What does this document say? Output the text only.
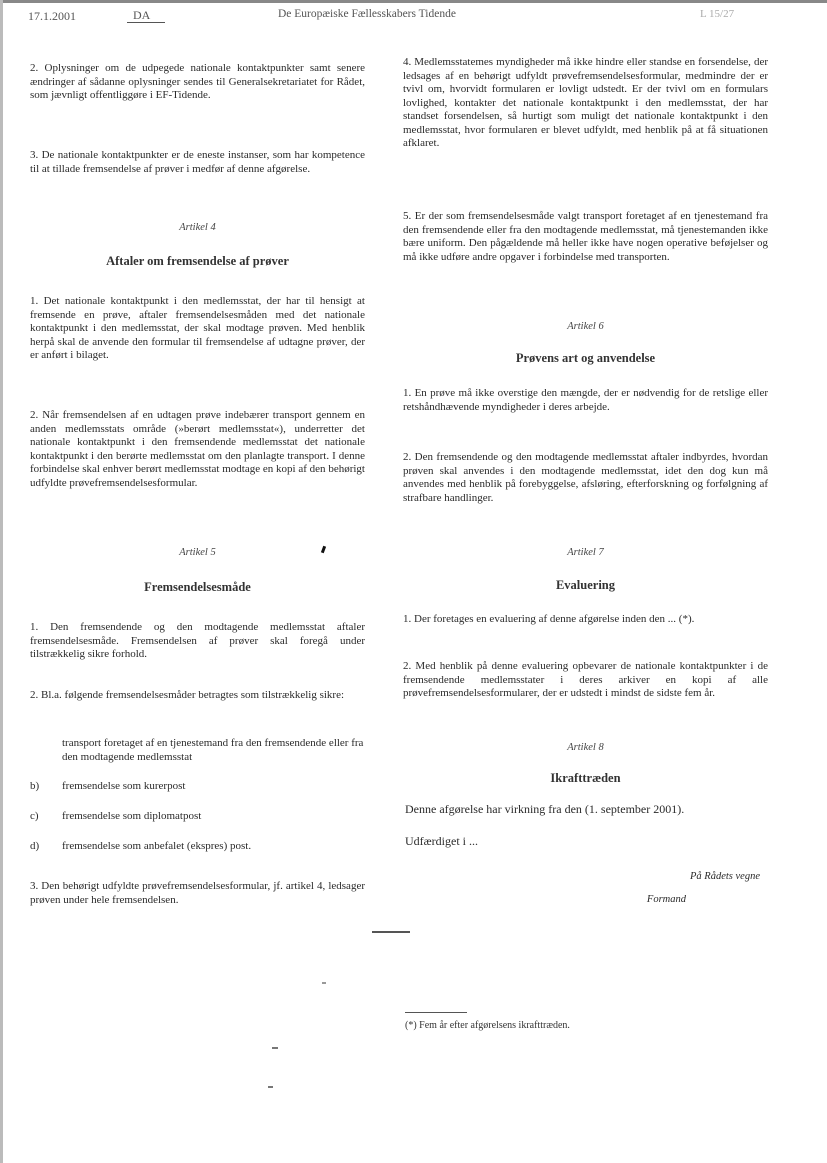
17.1.2001	DA	De Europæiske Fællesskabers Tidende	L 15/27
2. Oplysninger om de udpegede nationale kontaktpunkter samt senere ændringer af sådanne oplysninger sendes til Generalsekretariatet for Rådet, som jævnligt offentliggøre i EF-Tidende.
3. De nationale kontaktpunkter er de eneste instanser, som har kompetence til at tillade fremsendelse af prøver i medfør af denne afgørelse.
Artikel 4
Aftaler om fremsendelse af prøver
1. Det nationale kontaktpunkt i den medlemsstat, der har til hensigt at fremsende en prøve, aftaler fremsendelsesmåden med det nationale kontaktpunkt i den medlemsstat, der skal modtage prøven. Med henblik herpå skal de anvende den formular til fremsendelse af udtagne prøver, der er anført i bilaget.
2. Når fremsendelsen af en udtagen prøve indebærer transport gennem en anden medlemsstats område (»berørt medlemsstat«), underretter det nationale kontaktpunkt i den fremsendende medlemsstat det nationale kontaktpunkt i den berørte medlemsstat om den planlagte transport. I denne forbindelse skal enhver berørt medlemsstat modtage en kopi af den behørigt udfyldte prøvefremsendelsesformular.
Artikel 5
Fremsendelsesmåde
1. Den fremsendende og den modtagende medlemsstat aftaler fremsendelsesmåde. Fremsendelsen af prøver skal foregå under tilstrækkelig sikre forhold.
2. Bl.a. følgende fremsendelsesmåder betragtes som tilstrækkelig sikre:
transport foretaget af en tjenestemand fra den fremsendende eller fra den modtagende medlemsstat
b) fremsendelse som kurerpost
c) fremsendelse som diplomatpost
d) fremsendelse som anbefalet (ekspres) post.
3. Den behørigt udfyldte prøvefremsendelsesformular, jf. artikel 4, ledsager prøven under hele fremsendelsen.
4. Medlemsstatemes myndigheder må ikke hindre eller standse en forsendelse, der ledsages af en behørigt udfyldt prøvefremsendelsesformular, medmindre der er tvivl om, hvorvidt formularen er lovligt udstedt. Er der tvivl om en formulars lovlighed, kontakter det nationale kontaktpunkt i den medlemsstat, der har standset forsendelsen, så hurtigt som muligt det nationale kontaktpunkt i den medlemsstat, hvor formularen er blevet udfyldt, med henblik på at få situationen afklaret.
5. Er der som fremsendelsesmåde valgt transport foretaget af en tjenestemand fra den fremsendende eller fra den modtagende medlemsstat, må tjenestemanden ikke bære uniform. Den pågældende må heller ikke have nogen operative beføjelser og må ikke udføre andre opgaver i forbindelse med transporten.
Artikel 6
Prøvens art og anvendelse
1. En prøve må ikke overstige den mængde, der er nødvendig for de retslige eller retshåndhævende myndigheder i deres arbejde.
2. Den fremsendende og den modtagende medlemsstat aftaler indbyrdes, hvordan prøven skal anvendes i den modtagende medlemsstat, idet den dog kun må anvendes med henblik på forebyggelse, afsløring, efterforskning og forfølgning af strafbare handlinger.
Artikel 7
Evaluering
1. Der foretages en evaluering af denne afgørelse inden den ... (*).
2. Med henblik på denne evaluering opbevarer de nationale kontaktpunkter i de fremsendende medlemsstater i deres arkiver en kopi af alle prøvefremsendelsesformularer, der er udstedt i mindst de sidste fem år.
Artikel 8
Ikrafttræden
Denne afgørelse har virkning fra den (1. september 2001).
Udfærdiget i ...
På Rådets vegne
Formand
(*) Fem år efter afgørelsens ikrafttræden.
